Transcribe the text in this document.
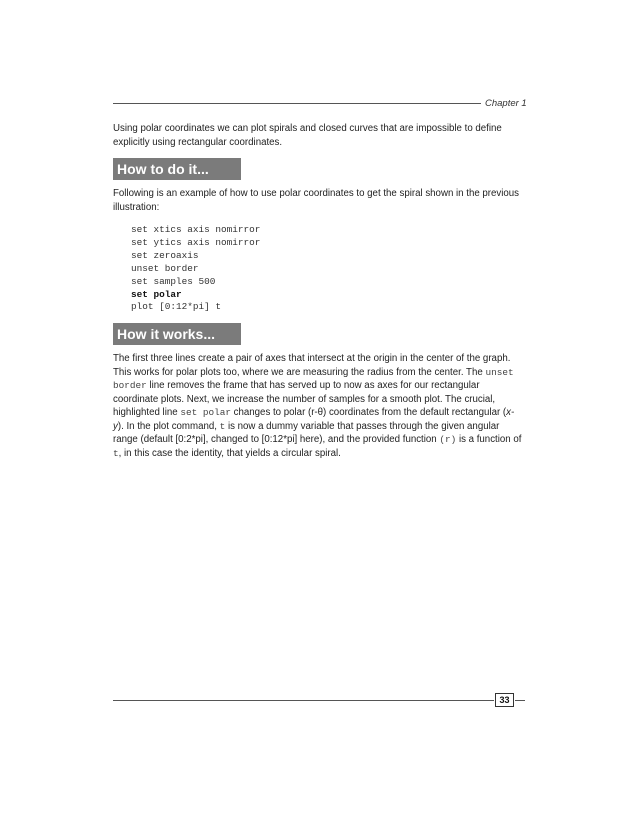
Chapter 1

Using polar coordinates we can plot spirals and closed curves that are impossible to define explicitly using rectangular coordinates.

How to do it...

Following is an example of how to use polar coordinates to get the spiral shown in the previous illustration:

set xtics axis nomirror
set ytics axis nomirror
set zeroaxis
unset border
set samples 500
set polar
plot [0:12*pi] t
How it works...

The first three lines create a pair of axes that intersect at the origin in the center of the graph. This works for polar plots too, where we are measuring the radius from the center. The unset border line removes the frame that has served up to now as axes for our rectangular coordinate plots. Next, we increase the number of samples for a smooth plot. The crucial, highlighted line set polar changes to polar (r-θ) coordinates from the default rectangular (x-y). In the plot command, t is now a dummy variable that passes through the given angular range (default [0:2*pi], changed to [0:12*pi] here), and the provided function (r) is a function of t, in this case the identity, that yields a circular spiral.

33
